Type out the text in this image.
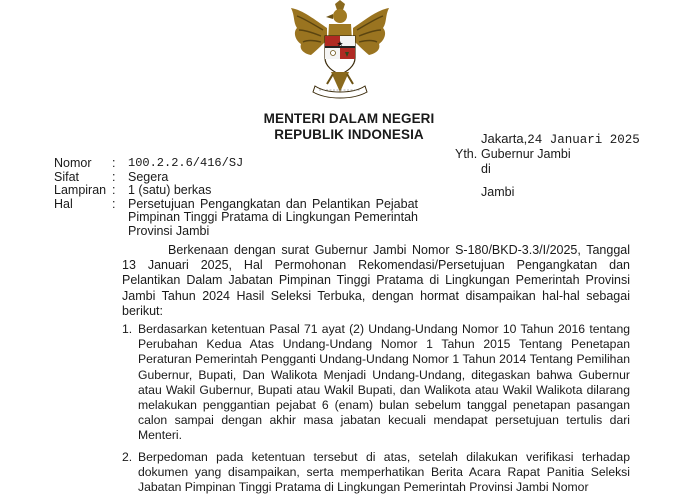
MENTERI DALAM NEGERI
REPUBLIK INDONESIA	Jakarta,24 Januari 2025
Yth. Gubernur Jambi
di
Jambi
Nomor	:	100.2.2.6/416/SJ
Sifat	:	Segera
Lampiran :	1 (satu) berkas
Hal	:	Persetujuan Pengangkatan dan Pelantikan Pejabat Pimpinan Tinggi Pratama di Lingkungan Pemerintah Provinsi Jambi

Berkenaan dengan surat Gubernur Jambi Nomor S-180/BKD-3.3/I/2025, Tanggal 13 Januari 2025, Hal Permohonan Rekomendasi/Persetujuan Pengangkatan dan Pelantikan Dalam Jabatan Pimpinan Tinggi Pratama di Lingkungan Pemerintah Provinsi Jambi Tahun 2024 Hasil Seleksi Terbuka, dengan hormat disampaikan hal-hal sebagai berikut:

1. Berdasarkan ketentuan Pasal 71 ayat (2) Undang-Undang Nomor 10 Tahun 2016 tentang Perubahan Kedua Atas Undang-Undang Nomor 1 Tahun 2015 Tentang Penetapan Peraturan Pemerintah Pengganti Undang-Undang Nomor 1 Tahun 2014 Tentang Pemilihan Gubernur, Bupati, Dan Walikota Menjadi Undang-Undang, ditegaskan bahwa Gubernur atau Wakil Gubernur, Bupati atau Wakil Bupati, dan Walikota atau Wakil Walikota dilarang melakukan penggantian pejabat 6 (enam) bulan sebelum tanggal penetapan pasangan calon sampai dengan akhir masa jabatan kecuali mendapat persetujuan tertulis dari Menteri.
2. Berpedoman pada ketentuan tersebut di atas, setelah dilakukan verifikasi terhadap dokumen yang disampaikan, serta memperhatikan Berita Acara Rapat Panitia Seleksi Jabatan Pimpinan Tinggi Pratama di Lingkungan Pemerintah Provinsi Jambi Nomor
